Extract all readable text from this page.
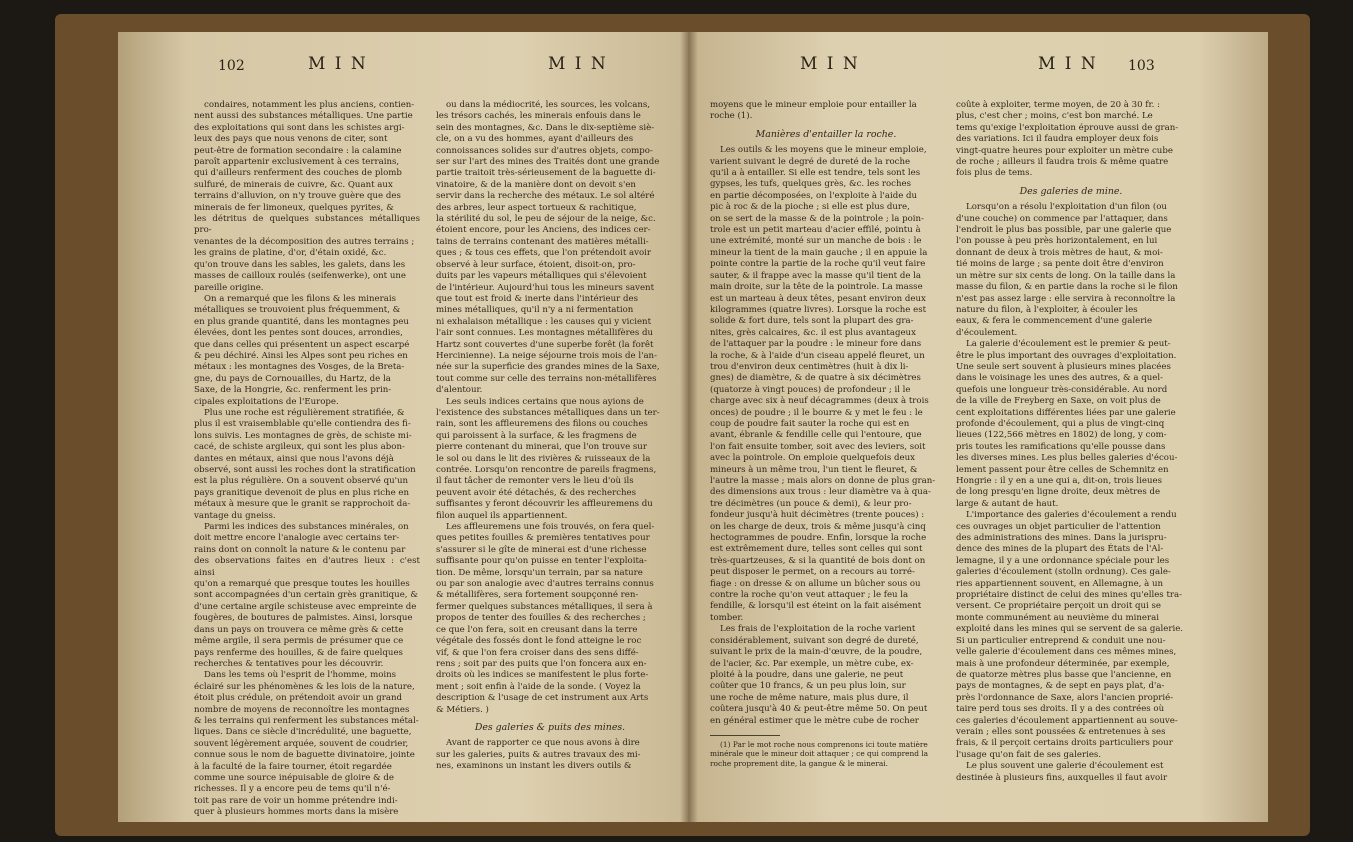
102	M I N	M I N

condaires, notamment les plus anciens, contien-
nent aussi des substances métalliques. Une partie
des exploitations qui sont dans les schistes argi-
leux des pays que nous venons de citer, sont
peut-être de formation secondaire : la calamine
paroît appartenir exclusivement à ces terrains,
qui d'ailleurs renferment des couches de plomb
sulfuré, de minerais de cuivre, &c. Quant aux
terrains d'alluvion, on n'y trouve guère que des
minerais de fer limoneux, quelques pyrites, &
les détritus de quelques substances métalliques pro-
venantes de la décomposition des autres terrains ;
les grains de platine, d'or, d'étain oxidé, &c.
qu'on trouve dans les sables, les galets, dans les
masses de cailloux roulés (seifenwerke), ont une
pareille origine.

On a remarqué que les filons & les minerais
métalliques se trouvoient plus fréquemment, &
en plus grande quantité, dans les montagnes peu
élevées, dont les pentes sont douces, arrondies,
que dans celles qui présentent un aspect escarpé
& peu déchiré. Ainsi les Alpes sont peu riches en
métaux : les montagnes des Vosges, de la Breta-
gne, du pays de Cornouailles, du Hartz, de la
Saxe, de la Hongrie, &c. renferment les prin-
cipales exploitations de l'Europe.

Plus une roche est régulièrement stratifiée, &
plus il est vraisemblable qu'elle contiendra des fi-
lons suivis. Les montagnes de grès, de schiste mi-
cacé, de schiste argileux, qui sont les plus abon-
dantes en métaux, ainsi que nous l'avons déjà
observé, sont aussi les roches dont la stratification
est la plus régulière. On a souvent observé qu'un
pays granitique devenoit de plus en plus riche en
métaux à mesure que le granit se rapprochoit da-
vantage du gneiss.

Parmi les indices des substances minérales, on
doit mettre encore l'analogie avec certains ter-
rains dont on connoît la nature & le contenu par
des observations faites en d'autres lieux : c'est ainsi
qu'on a remarqué que presque toutes les houilles
sont accompagnées d'un certain grès granitique, &
d'une certaine argile schisteuse avec empreinte de
fougères, de boutures de palmistes. Ainsi, lorsque
dans un pays on trouvera ce même grès & cette
même argile, il sera permis de présumer que ce
pays renferme des houilles, & de faire quelques
recherches & tentatives pour les découvrir.

Dans les tems où l'esprit de l'homme, moins
éclairé sur les phénomènes & les lois de la nature,
étoit plus crédule, on prétendoit avoir un grand
nombre de moyens de reconnoître les montagnes
& les terrains qui renferment les substances métal-
liques. Dans ce siècle d'incrédulité, une baguette,
souvent légèrement arquée, souvent de coudrier,
connue sous le nom de baguette divinatoire, jointe
à la faculté de la faire tourner, étoit regardée
comme une source inépuisable de gloire & de
richesses. Il y a encore peu de tems qu'il n'é-
toit pas rare de voir un homme prétendre indi-
quer à plusieurs hommes morts dans la misère

ou dans la médiocrité, les sources, les volcans,
les trésors cachés, les minerais enfouis dans le
sein des montagnes, &c. Dans le dix-septième siè-
cle, on a vu des hommes, ayant d'ailleurs des
connoissances solides sur d'autres objets, compo-
ser sur l'art des mines des Traités dont une grande
partie traitoit très-sérieusement de la baguette di-
vinatoire, & de la manière dont on devoit s'en
servir dans la recherche des métaux. Le sol altéré
des arbres, leur aspect tortueux & rachitique,
la stérilité du sol, le peu de séjour de la neige, &c.
étoient encore, pour les Anciens, des indices cer-
tains de terrains contenant des matières métalli-
ques ; & tous ces effets, que l'on prétendoit avoir
observé à leur surface, étoient, disoit-on, pro-
duits par les vapeurs métalliques qui s'élevoient
de l'intérieur. Aujourd'hui tous les mineurs savent
que tout est froid & inerte dans l'intérieur des
mines métalliques, qu'il n'y a ni fermentation
ni exhalaison métallique : les causes qui y vicient
l'air sont connues. Les montagnes métallifères du
Hartz sont couvertes d'une superbe forêt (la forêt
Hercinienne). La neige séjourne trois mois de l'an-
née sur la superficie des grandes mines de la Saxe,
tout comme sur celle des terrains non-métallifères
d'alentour.

Les seuls indices certains que nous ayions de
l'existence des substances métalliques dans un ter-
rain, sont les affleuremens des filons ou couches
qui paroissent à la surface, & les fragmens de
pierre contenant du minerai, que l'on trouve sur
le sol ou dans le lit des rivières & ruisseaux de la
contrée. Lorsqu'on rencontre de pareils fragmens,
il faut tâcher de remonter vers le lieu d'où ils
peuvent avoir été détachés, & des recherches
suffisantes y feront découvrir les affleuremens du
filon auquel ils appartiennent.

Les affleuremens une fois trouvés, on fera quel-
ques petites fouilles & premières tentatives pour
s'assurer si le gîte de minerai est d'une richesse
suffisante pour qu'on puisse en tenter l'exploita-
tion. De même, lorsqu'un terrain, par sa nature
ou par son analogie avec d'autres terrains connus
& métallifères, sera fortement soupçonné ren-
fermer quelques substances métalliques, il sera à
propos de tenter des fouilles & des recherches ;
ce que l'on fera, soit en creusant dans la terre
végétale des fossés dont le fond atteigne le roc
vif, & que l'on fera croiser dans des sens diffé-
rens ; soit par des puits que l'on foncera aux en-
droits où les indices se manifestent le plus forte-
ment ; soit enfin à l'aide de la sonde. ( Voyez la
description & l'usage de cet instrument aux Arts
& Métiers. )

Des galeries & puits des mines.

Avant de rapporter ce que nous avons à dire
sur les galeries, puits & autres travaux des mi-
nes, examinons un instant les divers outils &

M I N	M I N 103

moyens que le mineur emploie pour entailler la
roche (1).

Manières d'entailler la roche.

Les outils & les moyens que le mineur emploie,
varient suivant le degré de dureté de la roche
qu'il a à entailler. Si elle est tendre, tels sont les
gypses, les tufs, quelques grès, &c. les roches
en partie décomposées, on l'exploite à l'aide du
pic à roc & de la pioche ; si elle est plus dure,
on se sert de la masse & de la pointrole ; la poin-
trole est un petit marteau d'acier effilé, pointu à
une extrémité, monté sur un manche de bois : le
mineur la tient de la main gauche ; il en appuie la
pointe contre la partie de la roche qu'il veut faire
sauter, & il frappe avec la masse qu'il tient de la
main droite, sur la tête de la pointrole. La masse
est un marteau à deux têtes, pesant environ deux
kilogrammes (quatre livres). Lorsque la roche est
solide & fort dure, tels sont la plupart des gra-
nites, grès calcaires, &c. il est plus avantageux
de l'attaquer par la poudre : le mineur fore dans
la roche, & à l'aide d'un ciseau appelé fleuret, un
trou d'environ deux centimètres (huit à dix li-
gnes) de diamètre, & de quatre à six décimètres
(quatorze à vingt pouces) de profondeur ; il le
charge avec six à neuf décagrammes (deux à trois
onces) de poudre ; il le bourre & y met le feu : le
coup de poudre fait sauter la roche qui est en
avant, ébranle & fendille celle qui l'entoure, que
l'on fait ensuite tomber, soit avec des leviers, soit
avec la pointrole. On emploie quelquefois deux
mineurs à un même trou, l'un tient le fleuret, &
l'autre la masse ; mais alors on donne de plus gran-
des dimensions aux trous : leur diamètre va à qua-
tre décimètres (un pouce & demi), & leur pro-
fondeur jusqu'à huit décimètres (trente pouces) :
on les charge de deux, trois & même jusqu'à cinq
hectogrammes de poudre. Enfin, lorsque la roche
est extrêmement dure, telles sont celles qui sont
très-quartzeuses, & si la quantité de bois dont on
peut disposer le permet, on a recours au torré-
fiage : on dresse & on allume un bûcher sous ou
contre la roche qu'on veut attaquer ; le feu la
fendille, & lorsqu'il est éteint on la fait aisément
tomber.

Les frais de l'exploitation de la roche varient
considérablement, suivant son degré de dureté,
suivant le prix de la main-d'œuvre, de la poudre,
de l'acier, &c. Par exemple, un mètre cube, ex-
ploité à la poudre, dans une galerie, ne peut
coûter que 10 francs, & un peu plus loin, sur
une roche de même nature, mais plus dure, il
coûtera jusqu'à 40 & peut-être même 50. On peut
en général estimer que le mètre cube de rocher

(1) Par le mot roche nous comprenons ici toute matière
minérale que le mineur doit attaquer ; ce qui comprend la
roche proprement dite, la gangue & le minerai.

coûte à exploiter, terme moyen, de 20 à 30 fr. :
plus, c'est cher ; moins, c'est bon marché. Le
tems qu'exige l'exploitation éprouve aussi de gran-
des variations. Ici il faudra employer deux fois
vingt-quatre heures pour exploiter un mètre cube
de roche ; ailleurs il faudra trois & même quatre
fois plus de tems.

Des galeries de mine.

Lorsqu'on a résolu l'exploitation d'un filon (ou
d'une couche) on commence par l'attaquer, dans
l'endroit le plus bas possible, par une galerie que
l'on pousse à peu près horizontalement, en lui
donnant de deux à trois mètres de haut, & moi-
tié moins de large ; sa pente doit être d'environ
un mètre sur six cents de long. On la taille dans la
masse du filon, & en partie dans la roche si le filon
n'est pas assez large : elle servira à reconnoître la
nature du filon, à l'exploiter, à écouler les
eaux, & fera le commencement d'une galerie
d'écoulement.

La galerie d'écoulement est le premier & peut-
être le plus important des ouvrages d'exploitation.
Une seule sert souvent à plusieurs mines placées
dans le voisinage les unes des autres, & a quel-
quefois une longueur très-considérable. Au nord
de la ville de Freyberg en Saxe, on voit plus de
cent exploitations différentes liées par une galerie
profonde d'écoulement, qui a plus de vingt-cinq
lieues (122,566 mètres en 1802) de long, y com-
pris toutes les ramifications qu'elle pousse dans
les diverses mines. Les plus belles galeries d'écou-
lement passent pour être celles de Schemnitz en
Hongrie : il y en a une qui a, dit-on, trois lieues
de long presqu'en ligne droite, deux mètres de
large & autant de haut.

L'importance des galeries d'écoulement a rendu
ces ouvrages un objet particulier de l'attention
des administrations des mines. Dans la jurispru-
dence des mines de la plupart des États de l'Al-
lemagne, il y a une ordonnance spéciale pour les
galeries d'écoulement (stolln ordnung). Ces gale-
ries appartiennent souvent, en Allemagne, à un
propriétaire distinct de celui des mines qu'elles tra-
versent. Ce propriétaire perçoit un droit qui se
monte communément au neuvième du minerai
exploité dans les mines qui se servent de sa galerie.
Si un particulier entreprend & conduit une nou-
velle galerie d'écoulement dans ces mêmes mines,
mais à une profondeur déterminée, par exemple,
de quatorze mètres plus basse que l'ancienne, en
pays de montagnes, & de sept en pays plat, d'a-
près l'ordonnance de Saxe, alors l'ancien proprié-
taire perd tous ses droits. Il y a des contrées où
ces galeries d'écoulement appartiennent au souve-
verain ; elles sont poussées & entretenues à ses
frais, & il perçoit certains droits particuliers pour
l'usage qu'on fait de ses galeries.

Le plus souvent une galerie d'écoulement est
destinée à plusieurs fins, auxquelles il faut avoir
